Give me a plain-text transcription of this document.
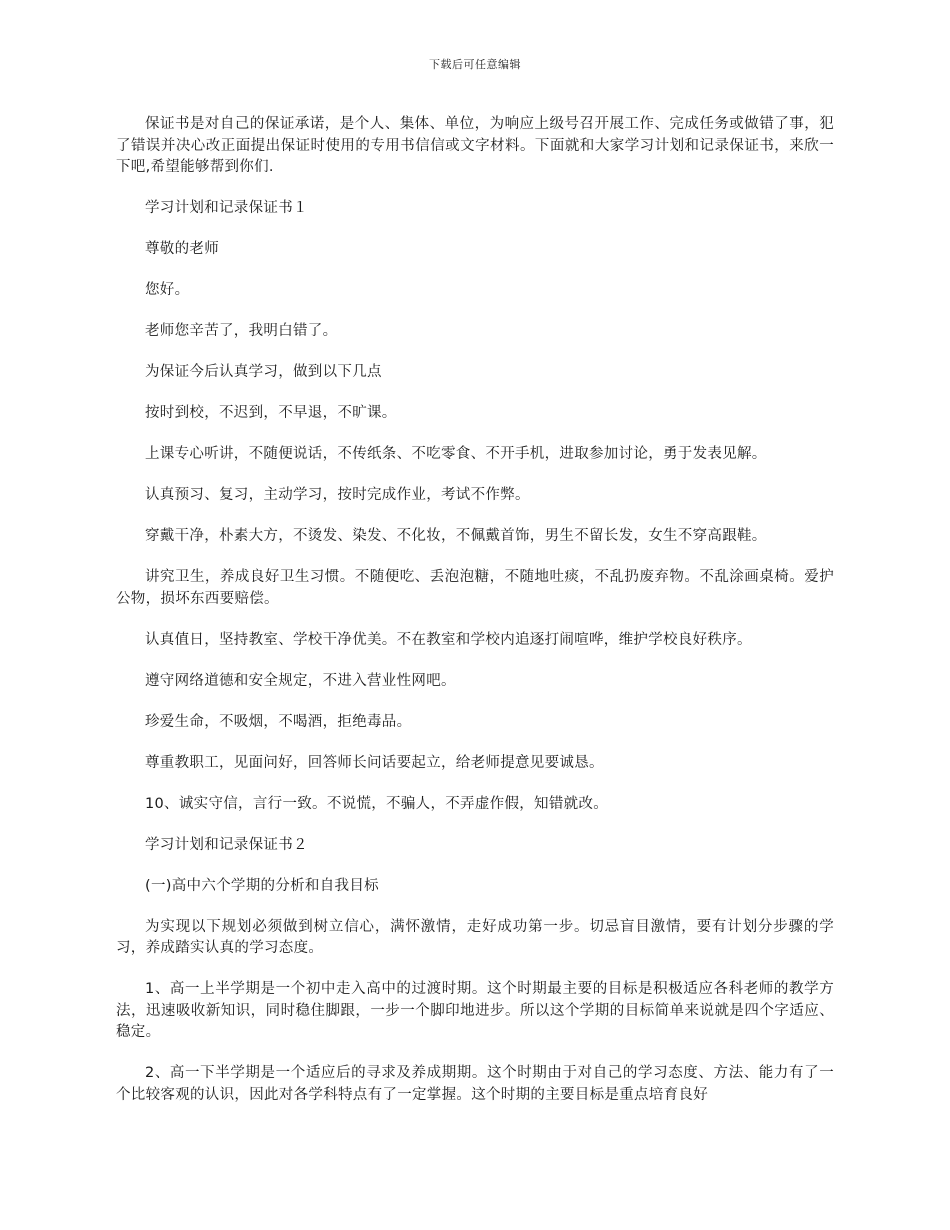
下载后可任意编辑

保证书是对自己的保证承诺，是个人、集体、单位，为响应上级号召开展工作、完成任务或做错了事，犯了错误并决心改正面提出保证时使用的专用书信信或文字材料。下面就和大家学习计划和记录保证书，来欣一下吧,希望能够帮到你们.

学习计划和记录保证书１

尊敬的老师

您好。

老师您辛苦了，我明白错了。

为保证今后认真学习，做到以下几点

按时到校，不迟到，不早退，不旷课。

上课专心听讲，不随便说话，不传纸条、不吃零食、不开手机，进取参加讨论，勇于发表见解。

认真预习、复习，主动学习，按时完成作业，考试不作弊。

穿戴干净，朴素大方，不烫发、染发、不化妆，不佩戴首饰，男生不留长发，女生不穿高跟鞋。

讲究卫生，养成良好卫生习惯。不随便吃、丢泡泡糖，不随地吐痰，不乱扔废弃物。不乱涂画桌椅。爱护公物，损坏东西要赔偿。

认真值日，坚持教室、学校干净优美。不在教室和学校内追逐打闹喧哗，维护学校良好秩序。

遵守网络道德和安全规定，不进入营业性网吧。

珍爱生命，不吸烟，不喝酒，拒绝毒品。

尊重教职工，见面问好，回答师长问话要起立，给老师提意见要诚恳。

10、诚实守信，言行一致。不说慌，不骗人，不弄虚作假，知错就改。

学习计划和记录保证书２

(一)高中六个学期的分析和自我目标

为实现以下规划必须做到树立信心，满怀激情，走好成功第一步。切忌盲目激情，要有计划分步骤的学习，养成踏实认真的学习态度。

1、高一上半学期是一个初中走入高中的过渡时期。这个时期最主要的目标是积极适应各科老师的教学方法，迅速吸收新知识，同时稳住脚跟，一步一个脚印地进步。所以这个学期的目标简单来说就是四个字适应、稳定。

2、高一下半学期是一个适应后的寻求及养成期期。这个时期由于对自己的学习态度、方法、能力有了一个比较客观的认识，因此对各学科特点有了一定掌握。这个时期的主要目标是重点培育良好
